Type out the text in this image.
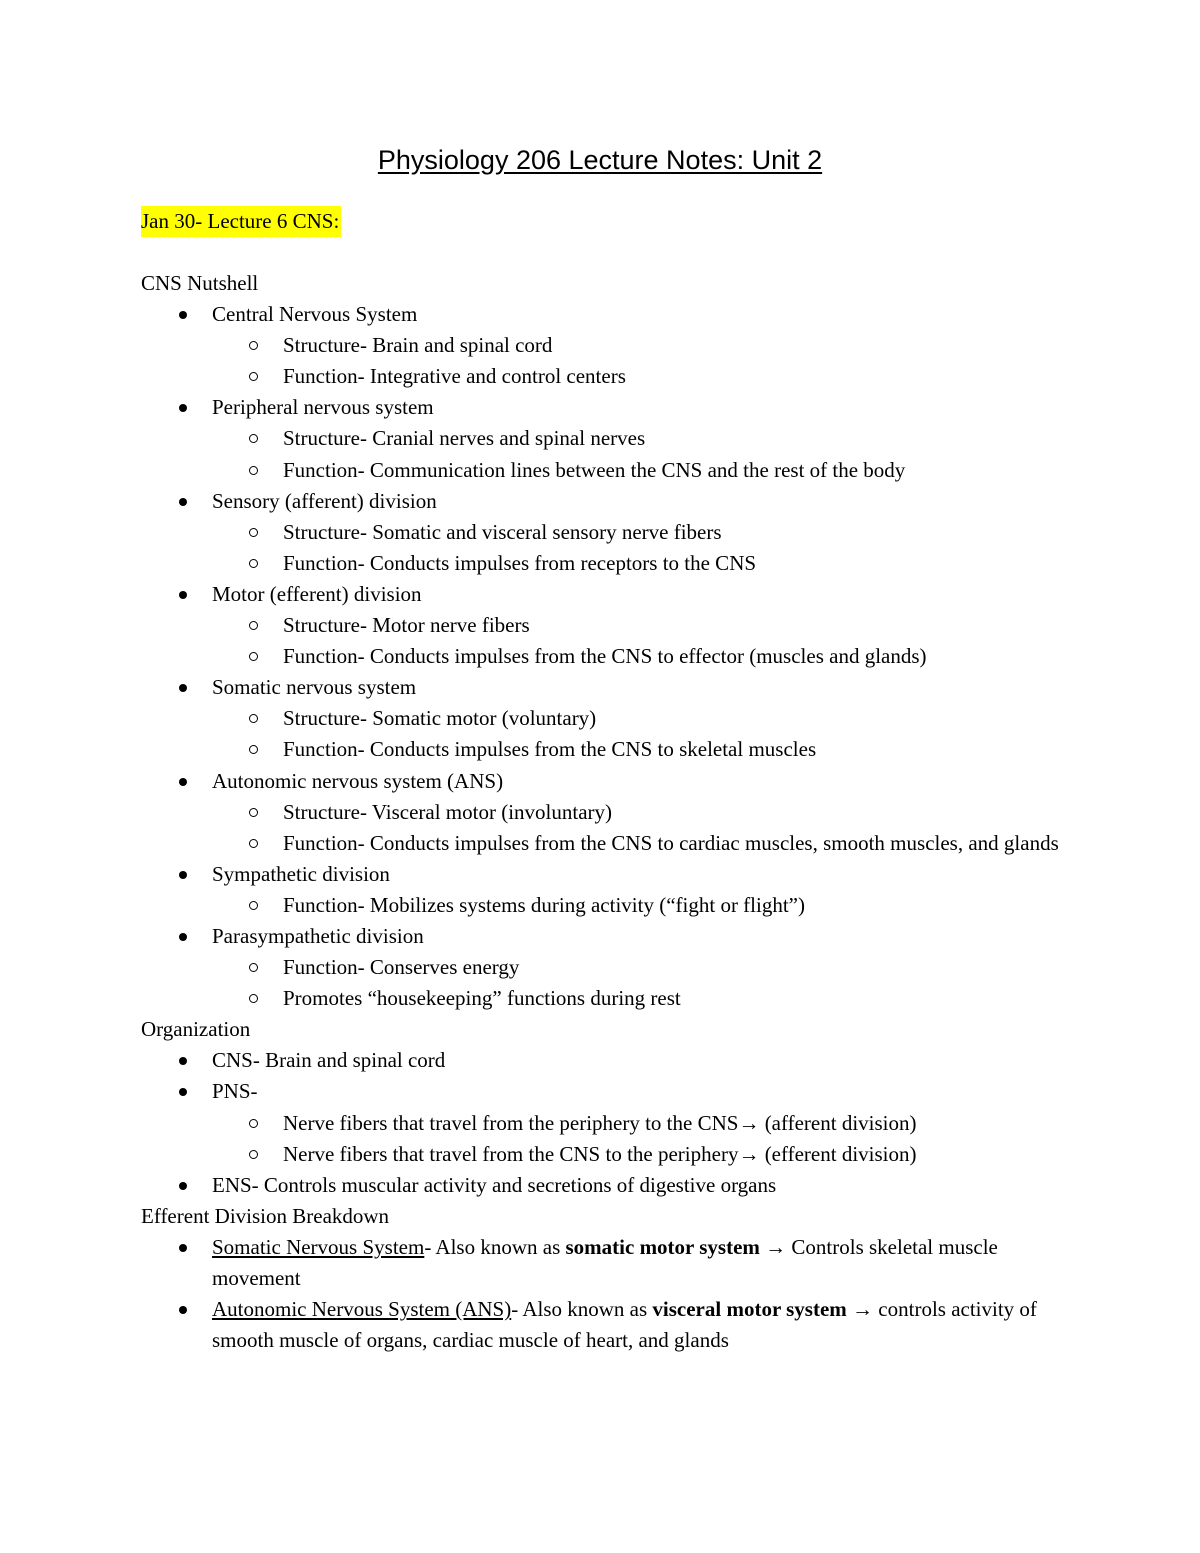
Physiology 206 Lecture Notes: Unit 2
Jan 30- Lecture 6 CNS:
CNS Nutshell
Central Nervous System
Structure- Brain and spinal cord
Function- Integrative and control centers
Peripheral nervous system
Structure- Cranial nerves and spinal nerves
Function- Communication lines between the CNS and the rest of the body
Sensory (afferent) division
Structure- Somatic and visceral sensory nerve fibers
Function- Conducts impulses from receptors to the CNS
Motor (efferent) division
Structure- Motor nerve fibers
Function- Conducts impulses from the CNS to effector (muscles and glands)
Somatic nervous system
Structure- Somatic motor (voluntary)
Function- Conducts impulses from the CNS to skeletal muscles
Autonomic nervous system (ANS)
Structure- Visceral motor (involuntary)
Function- Conducts impulses from the CNS to cardiac muscles, smooth muscles, and glands
Sympathetic division
Function- Mobilizes systems during activity (“fight or flight”)
Parasympathetic division
Function- Conserves energy
Promotes “housekeeping” functions during rest
Organization
CNS- Brain and spinal cord
PNS-
Nerve fibers that travel from the periphery to the CNS→ (afferent division)
Nerve fibers that travel from the CNS to the periphery→ (efferent division)
ENS- Controls muscular activity and secretions of digestive organs
Efferent Division Breakdown
Somatic Nervous System- Also known as somatic motor system → Controls skeletal muscle movement
Autonomic Nervous System (ANS)- Also known as visceral motor system → controls activity of smooth muscle of organs, cardiac muscle of heart, and glands
